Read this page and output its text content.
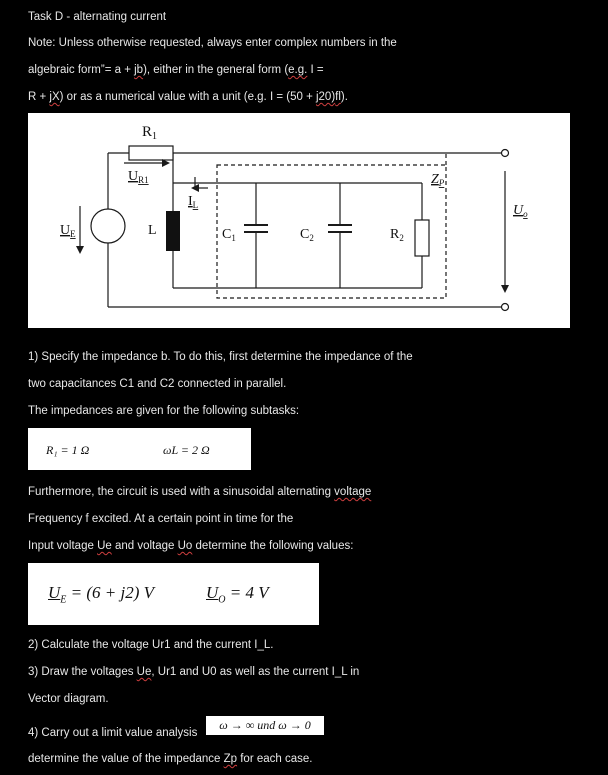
Task D - alternating current
Note: Unless otherwise requested, always enter complex numbers in the
algebraic form”= a + jb), either in the general form (e.g. I =
R + jX) or as a numerical value with a unit (e.g. I = (50 + j20)fl).
$R_1$
$U_{R1}$
$U_E$	L
$I_L$
$C_1$	$C_2$	$R_2$
$Z_P$
$U_o$
1) Specify the impedance b. To do this, first determine the impedance of the
two capacitances C1 and C2 connected in parallel.
The impedances are given for the following subtasks:
R₁ = 1 Ω	ωL = 2 Ω
Furthermore, the circuit is used with a sinusoidal alternating voltage
Frequency f excited. At a certain point in time for the
Input voltage Ue and voltage Uo determine the following values:
$U_E = (6 + j2)$ V	$U_O = 4$ V
2) Calculate the voltage Ur1 and the current I_L.
3) Draw the voltages Ue, Ur1 and U0 as well as the current I_L in
Vector diagram.
4) Carry out a limit value analysis
ω → ∞ und ω → 0
determine the value of the impedance Zp for each case.
